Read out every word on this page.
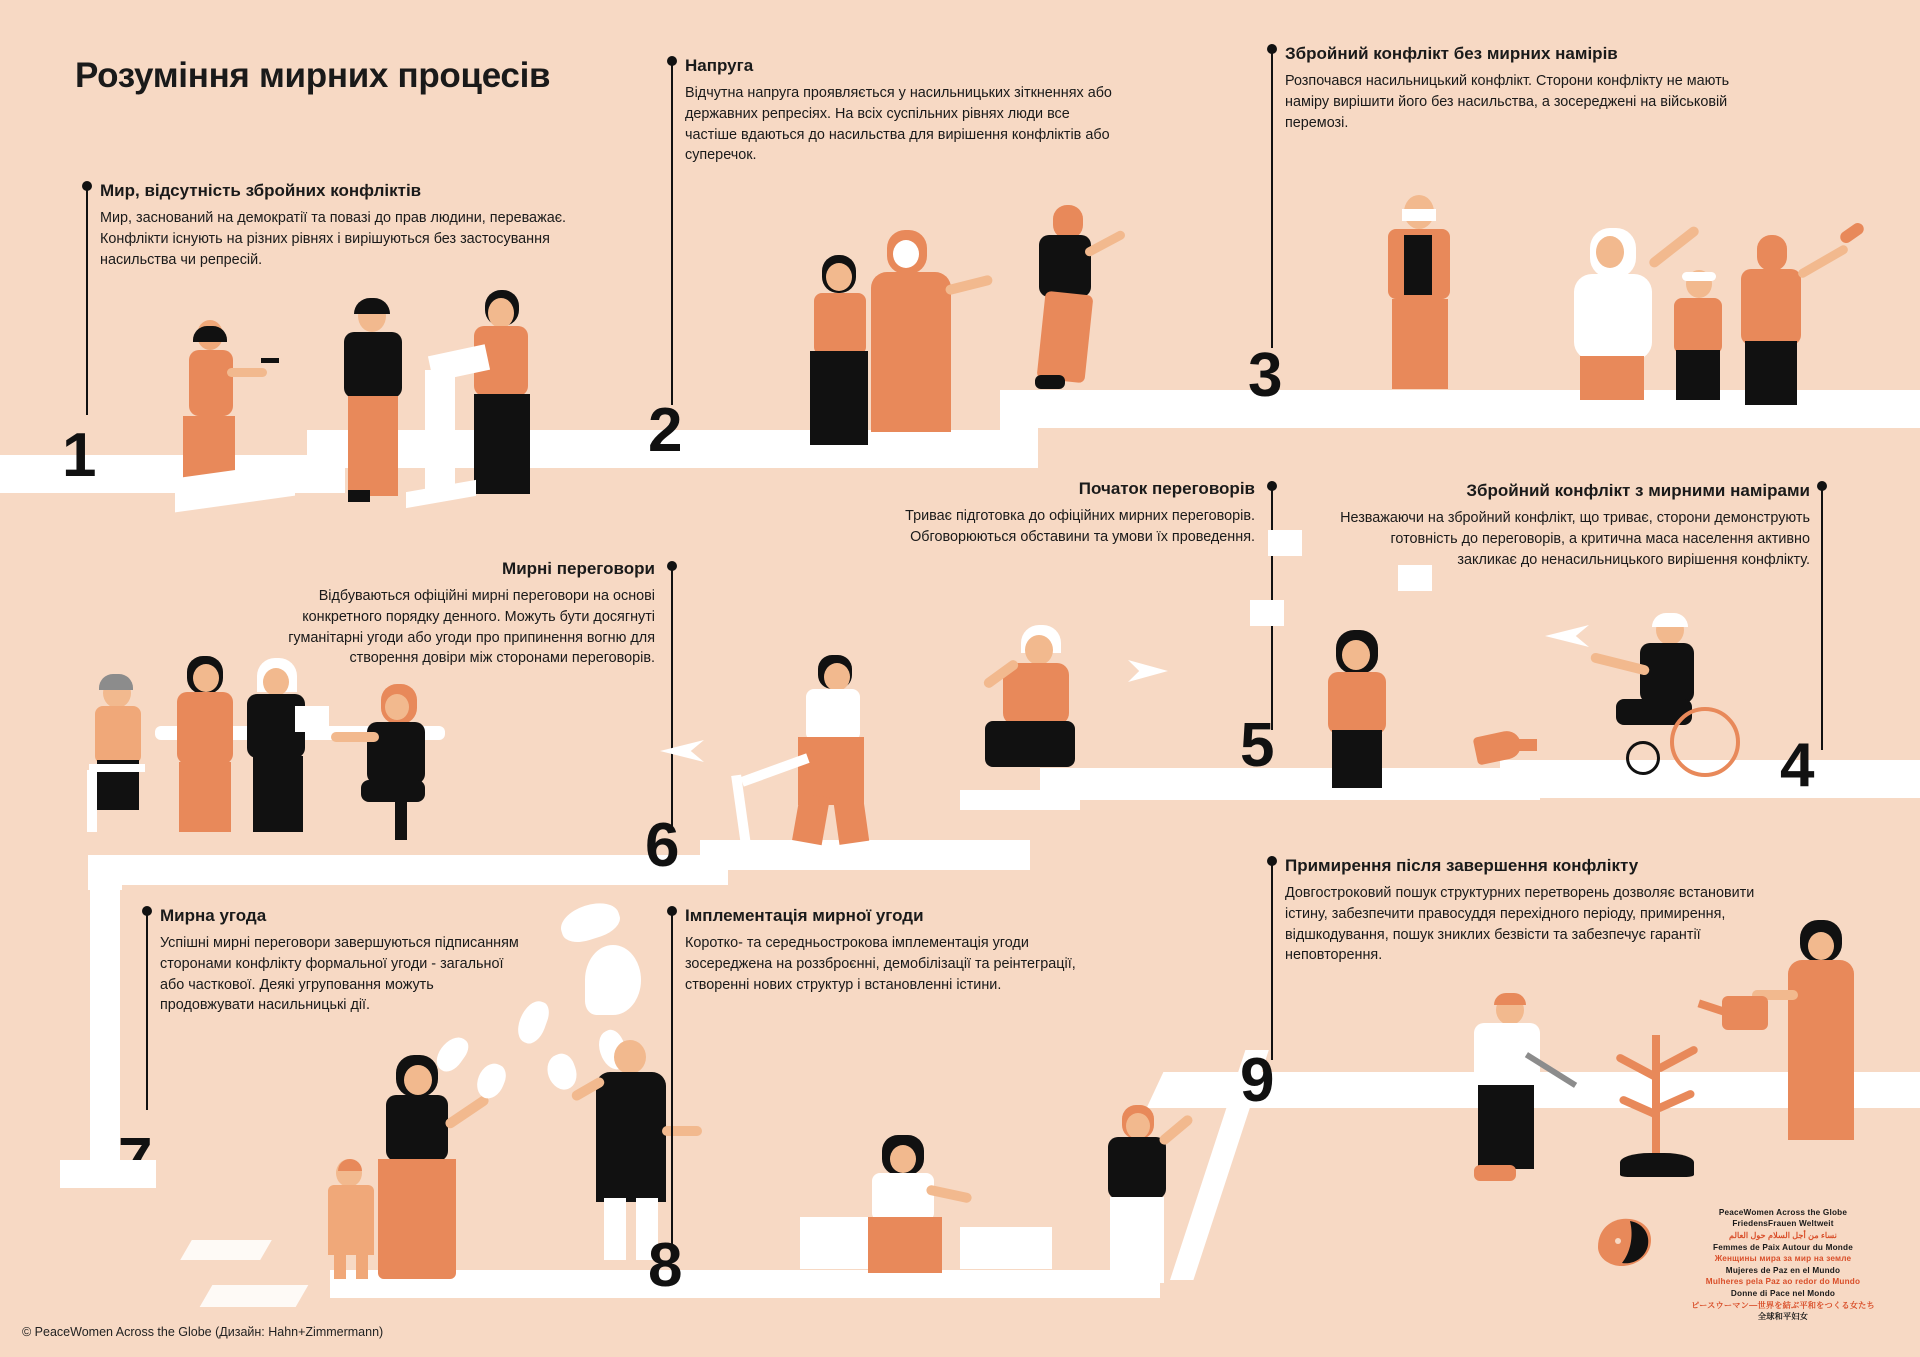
Розуміння мирних процесів
Мир, відсутність збройних конфліктів

Мир, заснований на демократії та повазі до прав людини, переважає. Конфлікти існують на різних рівнях і вирішуються без застосування насильства чи репресій.

1
Напруга

Відчутна напруга проявляється у насильницьких зіткненнях або державних репресіях. На всіх суспільних рівнях люди все частіше вдаються до насильства для вирішення конфліктів або суперечок.

2
Збройний конфлікт без мирних намірів

Розпочався насильницький конфлікт. Сторони конфлікту не мають наміру вирішити його без насильства, а зосереджені на військовій перемозі.

3
Збройний конфлікт з мирними намірами

Незважаючи на збройний конфлікт, що триває, сторони демонструють готовність до переговорів, а критична маса населення активно закликає до ненасильницького вирішення конфлікту.

4
Початок переговорів

Триває підготовка до офіційних мирних переговорів. Обговорюються обставини та умови їх проведення.

5
Мирні переговори

Відбуваються офіційні мирні переговори на основі конкретного порядку денного. Можуть бути досягнуті гуманітарні угоди або угоди про припинення вогню для створення довіри між сторонами переговорів.

6
Мирна угода

Успішні мирні переговори завершуються підписанням сторонами конфлікту формальної угоди - загальної або часткової. Деякі угруповання можуть продовжувати насильницькі дії.

Імплементація мирної угоди

Коротко- та середньострокова імплементація угоди зосереджена на роззброєнні, демобілізації та реінтеграції, створенні нових структур і встановленні істини.

8
Примирення після завершення конфлікту

Довгостроковий пошук структурних перетворень дозволяє встановити істину, забезпечити правосуддя перехідного періоду, примирення, відшкодування, пошук зниклих безвісти та забезпечує гарантії неповторення.

9
© PeaceWomen Across the Globe (Дизайн: Hahn+Zimmermann)
PeaceWomen Across the Globe
FriedensFrauen Weltweit
نساء من أجل السلام حول العالم
Femmes de Paix Autour du Monde
Женщины мира за мир на земле
Mujeres de Paz en el Mundo
Mulheres pela Paz ao redor do Mundo
Donne di Pace nel Mondo
ピースウーマン―世界を結ぶ平和をつくる女たち
全球和平妇女
